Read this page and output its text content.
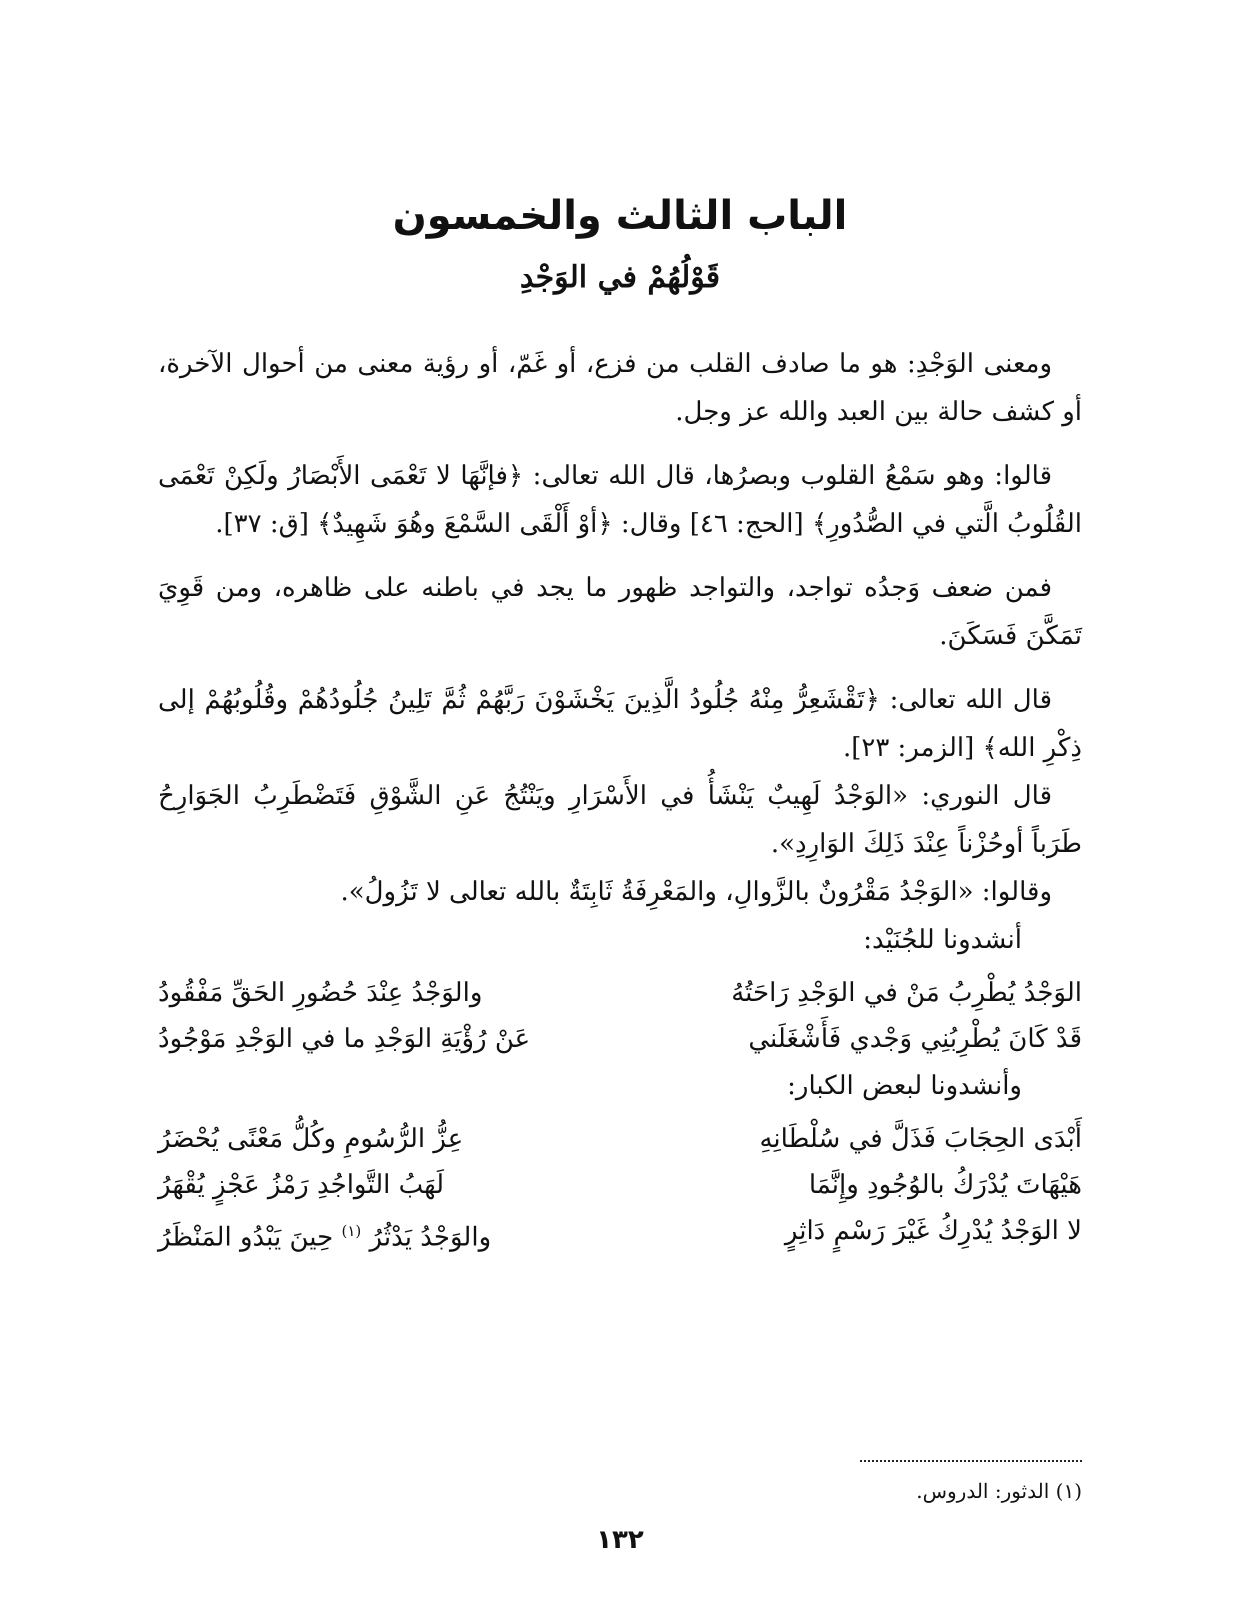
الباب الثالث والخمسون
قَوْلُهُمْ في الوَجْدِ

ومعنى الوَجْدِ: هو ما صادف القلب من فزع، أو غَمّ، أو رؤية معنى من أحوال الآخرة، أو كشف حالة بين العبد والله عز وجل.

قالوا: وهو سَمْعُ القلوب وبصرُها، قال الله تعالى: ﴿فإنَّهَا لا تَعْمَى الأَبْصَارُ ولَكِنْ تَعْمَى القُلُوبُ الَّتي في الصُّدُورِ﴾ [الحج: ٤٦] وقال: ﴿أوْ أَلْقَى السَّمْعَ وهُوَ شَهِيدٌ﴾ [ق: ٣٧].

فمن ضعف وَجدُه تواجد، والتواجد ظهور ما يجد في باطنه على ظاهره، ومن قَوِيَ تَمَكَّنَ فَسَكَنَ.

قال الله تعالى: ﴿تَقْشَعِرُّ مِنْهُ جُلُودُ الَّذِينَ يَخْشَوْنَ رَبَّهُمْ ثُمَّ تَلِينُ جُلُودُهُمْ وقُلُوبُهُمْ إلى ذِكْرِ الله﴾ [الزمر: ٢٣].

قال النوري: «الوَجْدُ لَهِيبٌ يَنْشَأُ في الأَسْرَارِ ويَنْتُجُ عَنِ الشَّوْقِ فَتَضْطَرِبُ الجَوَارِحُ طَرَباً أوحُزْناً عِنْدَ ذَلِكَ الوَارِدِ».

وقالوا: «الوَجْدُ مَقْرُونٌ بالزَّوالِ، والمَعْرِفَةُ ثَابِتَةٌ بالله تعالى لا تَزُولُ».

أنشدونا للجُنَيْد:

الوَجْدُ يُطْرِبُ مَنْ في الوَجْدِ رَاحَتُهُ
والوَجْدُ عِنْدَ حُضُورِ الحَقِّ مَفْقُودُ
قَدْ كَانَ يُطْرِبُنِي وَجْدي فَأَشْغَلَني
عَنْ رُؤْيَةِ الوَجْدِ ما في الوَجْدِ مَوْجُودُ

وأنشدونا لبعض الكبار:

أَبْدَى الحِجَابَ فَذَلَّ في سُلْطَانِهِ
عِزُّ الرُّسُومِ وكُلُّ مَعْنًى يُحْضَرُ
هَيْهَاتَ يُدْرَكُ بالوُجُودِ وإِنَّمَا
لَهَبُ التَّواجُدِ رَمْزُ عَجْزٍ يُقْهَرُ
لا الوَجْدُ يُدْرِكُ غَيْرَ رَسْمٍ دَاثِرٍ
والوَجْدُ يَدْثُرُ $^{(١)}$ حِينَ يَبْدُو المَنْظَرُ
(١) الدثور: الدروس.
١٣٢
